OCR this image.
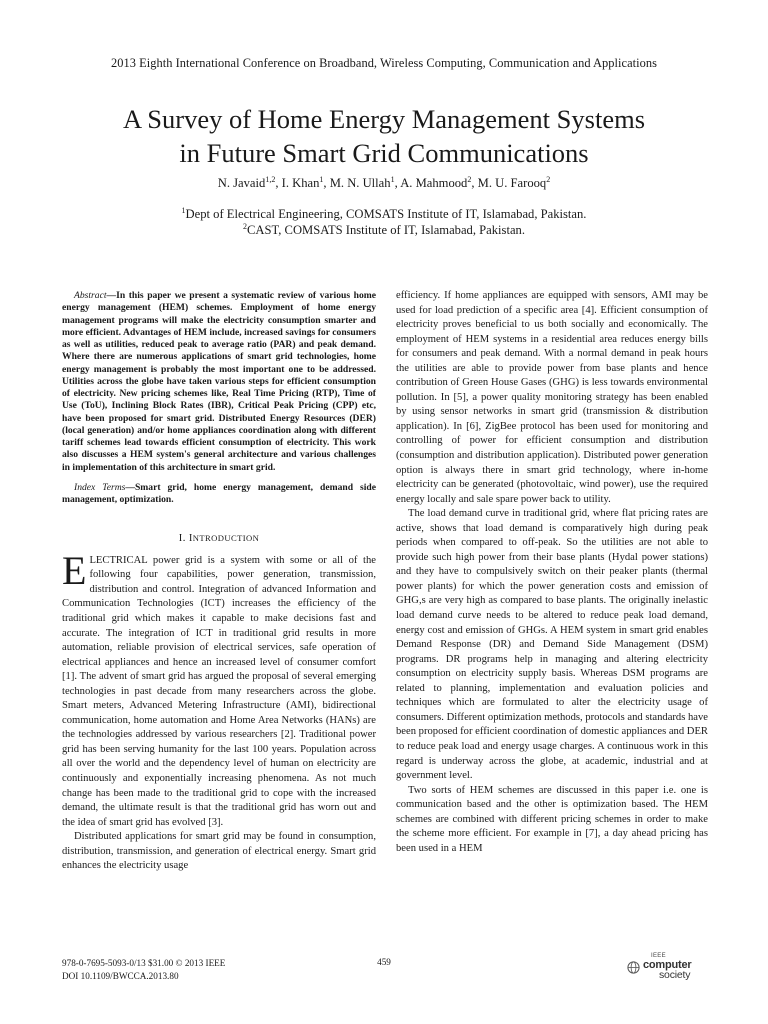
2013 Eighth International Conference on Broadband, Wireless Computing, Communication and Applications
A Survey of Home Energy Management Systems
in Future Smart Grid Communications
N. Javaid$^{1,2}$, I. Khan$^1$, M. N. Ullah$^1$, A. Mahmood$^2$, M. U. Farooq$^2$
$^1$Dept of Electrical Engineering, COMSATS Institute of IT, Islamabad, Pakistan.
$^2$CAST, COMSATS Institute of IT, Islamabad, Pakistan.

Abstract—In this paper we present a systematic review of various home energy management (HEM) schemes. Employment of home energy management programs will make the electricity consumption smarter and more efficient. Advantages of HEM include, increased savings for consumers as well as utilities, reduced peak to average ratio (PAR) and peak demand. Where there are numerous applications of smart grid technologies, home energy management is probably the most important one to be addressed. Utilities across the globe have taken various steps for efficient consumption of electricity. New pricing schemes like, Real Time Pricing (RTP), Time of Use (ToU), Inclining Block Rates (IBR), Critical Peak Pricing (CPP) etc, have been proposed for smart grid. Distributed Energy Resources (DER) (local generation) and/or home appliances coordination along with different tariff schemes lead towards efficient consumption of electricity. This work also discusses a HEM system's general architecture and various challenges in implementation of this architecture in smart grid.

Index Terms—Smart grid, home energy management, demand side management, optimization.

I. INTRODUCTION

ELECTRICAL power grid is a system with some or all of the following four capabilities, power generation, transmission, distribution and control. Integration of advanced Information and Communication Technologies (ICT) increases the efficiency of the traditional grid which makes it capable to make decisions fast and accurate. The integration of ICT in traditional grid results in more automation, reliable provision of electrical services, safe operation of electrical appliances and hence an increased level of consumer comfort [1]. The advent of smart grid has argued the proposal of several emerging technologies in past decade from many researchers across the globe. Smart meters, Advanced Metering Infrastructure (AMI), bidirectional communication, home automation and Home Area Networks (HANs) are the technologies addressed by various researchers [2]. Traditional power grid has been serving humanity for the last 100 years. Population across all over the world and the dependency level of human on electricity are continuously and exponentially increasing phenomena. As not much change has been made to the traditional grid to cope with the increased demand, the ultimate result is that the traditional grid has worn out and the idea of smart grid has evolved [3].

Distributed applications for smart grid may be found in consumption, distribution, transmission, and generation of electrical energy. Smart grid enhances the electricity usage

efficiency. If home appliances are equipped with sensors, AMI may be used for load prediction of a specific area [4]. Efficient consumption of electricity proves beneficial to us both socially and economically. The employment of HEM systems in a residential area reduces energy bills for consumers and peak demand. With a normal demand in peak hours the utilities are able to provide power from base plants and hence contribution of Green House Gases (GHG) is less towards environmental pollution. In [5], a power quality monitoring strategy has been enabled by using sensor networks in smart grid (transmission & distribution application). In [6], ZigBee protocol has been used for monitoring and controlling of power for efficient consumption and distribution (consumption and distribution application). Distributed power generation option is always there in smart grid technology, where in-home electricity can be generated (photovoltaic, wind power), use the required energy locally and sale spare power back to utility.

The load demand curve in traditional grid, where flat pricing rates are active, shows that load demand is comparatively high during peak periods when compared to off-peak. So the utilities are not able to provide such high power from their base plants (Hydal power stations) and they have to compulsively switch on their peaker plants (thermal power plants) for which the power generation costs and emission of GHG,s are very high as compared to base plants. The originally inelastic load demand curve needs to be altered to reduce peak load demand, energy cost and emission of GHGs. A HEM system in smart grid enables Demand Response (DR) and Demand Side Management (DSM) programs. DR programs help in managing and altering electricity consumption on electricity supply basis. Whereas DSM programs are related to planning, implementation and evaluation policies and techniques which are formulated to alter the electricity usage of consumers. Different optimization methods, protocols and standards have been proposed for efficient coordination of domestic appliances and DER to reduce peak load and energy usage charges. A continuous work in this regard is underway across the globe, at academic, industrial and at government level.

Two sorts of HEM schemes are discussed in this paper i.e. one is communication based and the other is optimization based. The HEM schemes are combined with different pricing schemes in order to make the scheme more efficient. For example in [7], a day ahead pricing has been used in a HEM

978-0-7695-5093-0/13 $31.00 © 2013 IEEE
DOI 10.1109/BWCCA.2013.80
459
IEEE
computer
society
